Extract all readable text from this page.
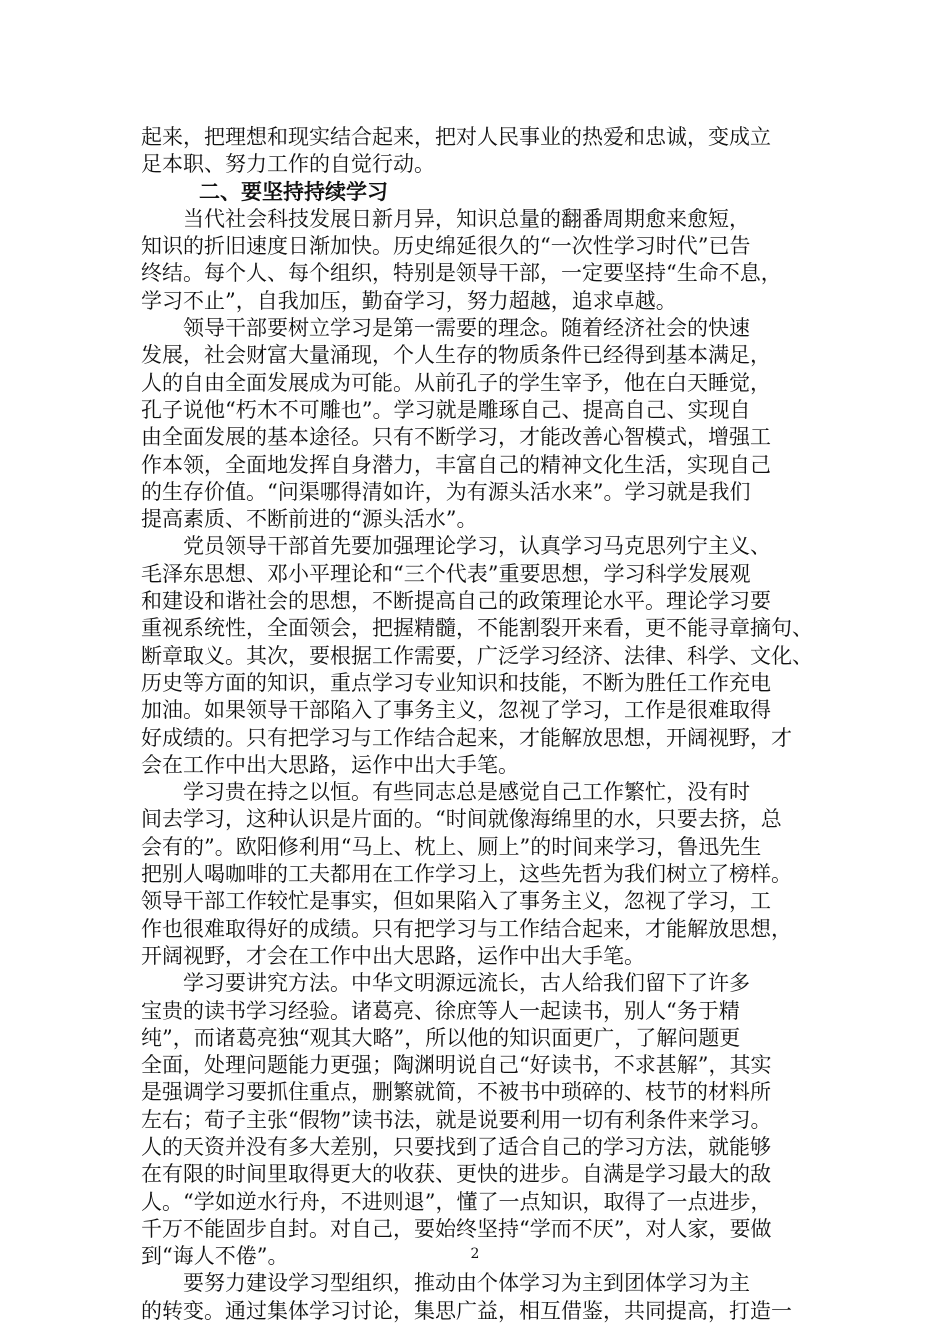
起来，把理想和现实结合起来，把对人民事业的热爱和忠诚，变成立
足本职、努力工作的自觉行动。
二、要坚持持续学习
当代社会科技发展日新月异，知识总量的翻番周期愈来愈短，
知识的折旧速度日渐加快。历史绵延很久的“一次性学习时代”已告
终结。每个人、每个组织，特别是领导干部，一定要坚持“生命不息，
学习不止”，自我加压，勤奋学习，努力超越，追求卓越。
领导干部要树立学习是第一需要的理念。随着经济社会的快速
发展，社会财富大量涌现，个人生存的物质条件已经得到基本满足，
人的自由全面发展成为可能。从前孔子的学生宰予，他在白天睡觉，
孔子说他“朽木不可雕也”。学习就是雕琢自己、提高自己、实现自
由全面发展的基本途径。只有不断学习，才能改善心智模式，增强工
作本领，全面地发挥自身潜力，丰富自己的精神文化生活，实现自己
的生存价值。“问渠哪得清如许，为有源头活水来”。学习就是我们
提高素质、不断前进的“源头活水”。
党员领导干部首先要加强理论学习，认真学习马克思列宁主义、
毛泽东思想、邓小平理论和“三个代表”重要思想，学习科学发展观
和建设和谐社会的思想，不断提高自己的政策理论水平。理论学习要
重视系统性，全面领会，把握精髓，不能割裂开来看，更不能寻章摘句、
断章取义。其次，要根据工作需要，广泛学习经济、法律、科学、文化、
历史等方面的知识，重点学习专业知识和技能，不断为胜任工作充电
加油。如果领导干部陷入了事务主义，忽视了学习，工作是很难取得
好成绩的。只有把学习与工作结合起来，才能解放思想，开阔视野，才
会在工作中出大思路，运作中出大手笔。
学习贵在持之以恒。有些同志总是感觉自己工作繁忙，没有时
间去学习，这种认识是片面的。“时间就像海绵里的水，只要去挤，总
会有的”。欧阳修利用“马上、枕上、厕上”的时间来学习，鲁迅先生
把别人喝咖啡的工夫都用在工作学习上，这些先哲为我们树立了榜样。
领导干部工作较忙是事实，但如果陷入了事务主义，忽视了学习，工
作也很难取得好的成绩。只有把学习与工作结合起来，才能解放思想，
开阔视野，才会在工作中出大思路，运作中出大手笔。
学习要讲究方法。中华文明源远流长，古人给我们留下了许多
宝贵的读书学习经验。诸葛亮、徐庶等人一起读书，别人“务于精
纯”，而诸葛亮独“观其大略”，所以他的知识面更广，了解问题更
全面，处理问题能力更强；陶渊明说自己“好读书，不求甚解”，其实
是强调学习要抓住重点，删繁就简，不被书中琐碎的、枝节的材料所
左右；荀子主张“假物”读书法，就是说要利用一切有利条件来学习。
人的天资并没有多大差别，只要找到了适合自己的学习方法，就能够
在有限的时间里取得更大的收获、更快的进步。自满是学习最大的敌
人。“学如逆水行舟，不进则退”，懂了一点知识，取得了一点进步，
千万不能固步自封。对自己，要始终坚持“学而不厌”，对人家，要做
到“诲人不倦”。
要努力建设学习型组织，推动由个体学习为主到团体学习为主
的转变。通过集体学习讨论，集思广益，相互借鉴，共同提高，打造一
2
